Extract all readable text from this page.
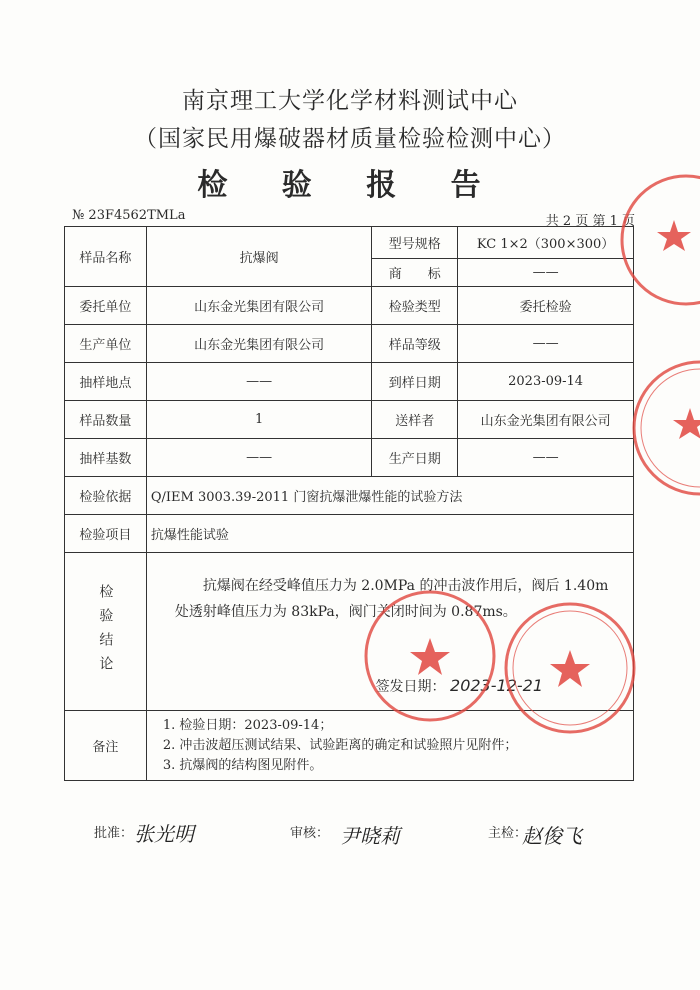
南京理工大学化学材料测试中心
（国家民用爆破器材质量检验检测中心）
检 验 报 告
№ 23F4562TMLa	共 2 页 第 1 页
样品名称	抗爆阀	型号规格	KC 1×2（300×300）
		商　　标	——
委托单位	山东金光集团有限公司	检验类型	委托检验
生产单位	山东金光集团有限公司	样品等级	——
抽样地点	——	到样日期	2023-09-14
样品数量	1	送样者	山东金光集团有限公司
抽样基数	——	生产日期	——
检验依据	Q/IEM 3003.39-2011 门窗抗爆泄爆性能的试验方法		
检验项目	抗爆性能试验		

检验结论	抗爆阀在经受峰值压力为 2.0MPa 的冲击波作用后，阀后 1.40m 处透射峰值压力为 83kPa，阀门关闭时间为 0.87ms。
签发日期： 2023-12-21		

备注	1. 检验日期：2023-09-14；
2. 冲击波超压测试结果、试验距离的确定和试验照片见附件；
3. 抗爆阀的结构图见附件。		
批准： 张光明	审核： 尹晓莉	主检：
赵俊飞
